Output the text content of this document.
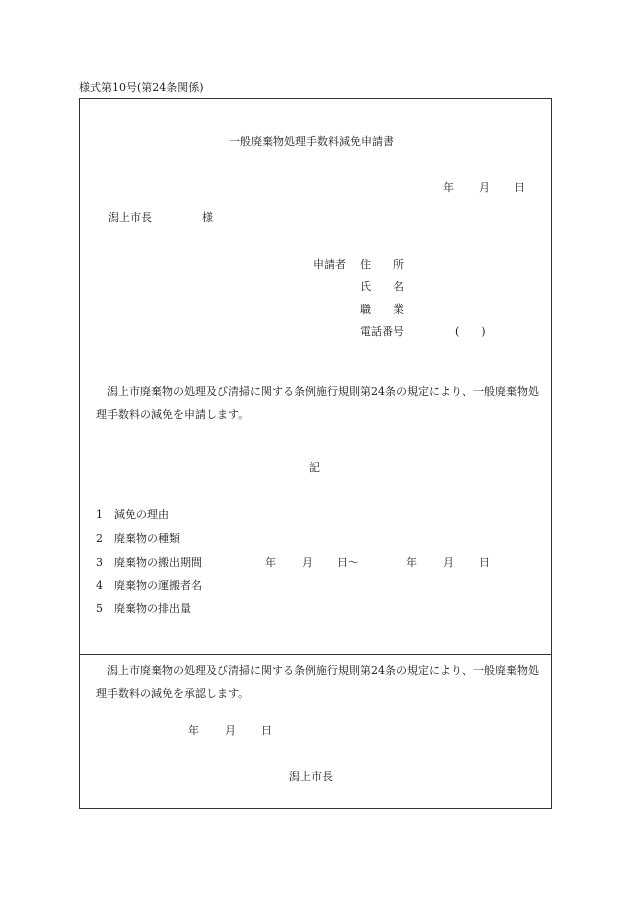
様式第10号(第24条関係)
一般廃棄物処理手数料減免申請書
年 月 日
潟上市長	様
申請者 住　　所
氏　　名
職　　業
電話番号	(　　)
潟上市廃棄物の処理及び清掃に関する条例施行規則第24条の規定により、一般廃棄物処理手数料の減免を申請します。
記
1 減免の理由
2 廃棄物の種類
3 廃棄物の搬出期間	年 月 日～	年 月 日
4 廃棄物の運搬者名
5 廃棄物の排出量
潟上市廃棄物の処理及び清掃に関する条例施行規則第24条の規定により、一般廃棄物処理手数料の減免を承認します。
年 月 日
潟上市長
